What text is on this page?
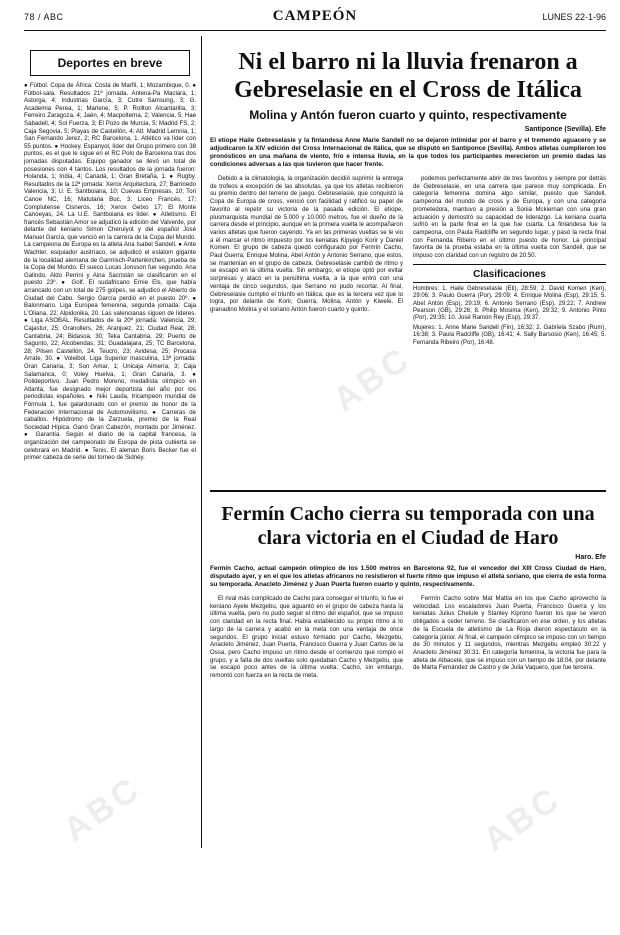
78 / ABC	CAMPEÓN	LUNES 22-1-96
Deportes en breve

● Fútbol. Copa de África: Costa de Marfil, 1; Mozambique, 0. ● Fútbol-sala. Resultados 21ª jornada. Antena-Pa Maclara, 1; Astorga, 4; Industrias García, 3; Cutre Samsung, 3; G. Academia Perea, 1; Marlene, 5; P. Rollton Alcantarilla, 3; Ferreiro Zaragoza, 4; Jaén, 4; Macpolterna, 2; Valencia, 5; Hae Sabadell, 4; Sol Fuerza, 3; El Pozo de Murcia, 5; Madrid FS, 2; Caja Segovia, 5; Playas de Castellón, 4; Atl. Madrid Lemnia, 1; San Fernando Jerez, 2; RC Barcelona, 1. Atlético va líder con 55 puntos. ● Hockey. Espanyol, líder del Grupo primero con 38 puntos, es el que le sigue en el RC Polo de Barcelona tras dos jornadas disputadas. Equipo ganador se llevó un total de posesiones con 4 tantos. Los resultados de la jornada fueron: Holanda, 1; India, 4; Canadá, 1; Gran Bretaña, 1. ● Rugby. Resultados de la 12ª jornada: Xerox Arquitectura, 27; Barrinedo Valencia, 3; U. E. Santboiana, 10; Cuevas Empresas, 10; Tori Canoe NC, 16; Matutaria Buc, 3; Liceo Francés, 17; Complutense Cisneros, 16; Xerox Getxo 17; El Monte Canoeyas, 24. La U.E. Santboiana es líder. ● Atletismo. El francés Sebastián Amor se adjudicó la edición del Valverde, por delante del keniano Simon Cheruiyot y del español José Manuel García, que venció en la carrera de la Copa del Mundo. La campeona de Europa es la atleta Ana Isabel Sandell. ● Ante Wachter, esquiador austríaco, se adjudicó el eslalom gigante de la localidad alemana de Garmisch-Partenkirchen, prueba de la Copa del Mundo. El sueco Lucas Jonsson fue segundo. Ana Galindo, Aldo Perrini y Aina Sacristán se clasificaron en el puesto 23º. ● Golf. El sudafricano Ernie Els, que había arrancado con un total de 275 golpes, se adjudicó el Abierto de Ciudad del Cabo. Sergio García perdió en el puesto 20º. ● Balonmano. Liga Europea femenina, segunda jornada: Caja L'Oliana, 22; Alpidonika, 20. Las valencianas siguen de líderes. ● Liga ASOBAL. Resultados de la 20ª jornada: Valencia, 29; Cajastur, 25; Granollers, 26; Aranjuez, 21; Ciudad Real, 28; Cantabria, 24; Bidasoa, 30; Teka Cantabria, 29; Puerto de Sagunto, 22; Alcobendas, 31; Guadalajara, 25; TC Barcelona, 28; Pilsen Castellón, 24. Teucro, 23; Avidesa, 25; Procasa Arrate, 30. ● Voleibol. Liga Superior masculina, 13ª jornada: Gran Canaria, 3; Son Amar, 1; Unicaja Almería, 3; Caja Salamanca, 0; Voley Huelva, 1; Gran Canaria, 3. ● Polideportivo. Juan Pedro Moreno, medallista olímpico en Atlanta, fue designado mejor deportista del año por los periodistas españoles. ● Niki Lauda, tricampeón mundial de Fórmula 1, fue galardonado con el premio de honor de la Federación Internacional de Automovilismo. ● Carreras de caballos. Hipódromo de la Zarzuela, premio de la Real Sociedad Hípica. Ganó Gran Cabezón, montado por Jiménez. ● Garantía. Según el diario de la capital francesa, la organización del campeonato de Europa de pista cubierta se celebrará en Madrid. ● Tenis. El alemán Boris Becker fue el primer cabeza de serie del torneo de Sidney.

Ni el barro ni la lluvia frenaron a Gebreselasie en el Cross de Itálica
Molina y Antón fueron cuarto y quinto, respectivamente
Santiponce (Sevilla). Efe

El etíope Haile Gebreselasie y la finlandesa Anne Marie Sandell no se dejaron intimidar por el barro y el tremendo aguacero y se adjudicaron la XIV edición del Cross Internacional de Itálica, que se disputó en Santiponce (Sevilla). Ambos atletas cumplieron los pronósticos en una mañana de viento, frío e intensa lluvia, en la que todos los participantes merecieron un premio dadas las condiciones adversas a las que tuvieron que hacer frente.

Debido a la climatología, la organización decidió suprimir la entrega de trofeos a excepción de las absolutas, ya que los atletas recibieron su premio dentro del terreno de juego. Gebreselasie, que conquistó la Copa de Europa de cross, venció con facilidad y ratificó su papel de favorito al repetir su victoria de la pasada edición. El etíope, plusmarquista mundial de 5.000 y 10.000 metros, fue el dueño de la carrera desde el principio, aunque en la primera vuelta le acompañaron varios atletas que fueron cayendo. Ya en las primeras vueltas se le vio a él marcar el ritmo impuesto por los keniatas Kipyego Korir y Daniel Komen. El grupo de cabeza quedó configurado por Fermín Cacho, Paul Guerra, Enrique Molina, Abel Antón y Antonio Serrano, que estos, se mantenían en el grupo de cabeza. Gebreselasie cambió de ritmo y se escapó en la última vuelta. Sin embargo, el etíope optó por evitar sorpresas y atacó en la penúltima vuelta, a la que entró con una ventaja de cinco segundos, que Serrano no pudo recortar. Al final, Gebreselasie cumplió el triunfo en Itálica, que es la tercera vez que lo logra, por delante de Korir, Guerra, Molina, Antón y Kiwele. El granadino Molina y el soriano Antón fueron cuarto y quinto.

podemos perfectamente abrir de tres favoritos y siempre por detrás de Gebreselasie, en una carrera que parece muy complicada. En categoría femenina domina algo similar, puesto que Sandell, campeona del mundo de cross y de Europa, y con una categoría prometedora, mantuvo a presión a Sonia Mckiernan con una gran actuación y demostró su capacidad de liderazgo. La keniana cuarta sufrió en la parte final en la que fue cuarta. La finlandesa fue la campeona, con Paula Radcliffe en segundo lugar, y pasó la recta final con Fernanda Ribeiro en el último puesto de honor. La principal favorita de la prueba estaba en la última vuelta con Sandell, que se impuso con claridad con un registro de 20:50.

Clasificaciones

Hombres: 1. Haile Gebreselasie (Eti), 28:59; 2. David Komen (Ken), 29:06; 3. Paulo Guerra (Por), 29:09; 4. Enrique Molina (Esp), 29:15; 5. Abel Antón (Esp), 29:19; 6. Antonio Serrano (Esp), 29:22; 7. Andrew Pearson (GB), 29:26; 8. Philip Mosima (Ken), 29:32; 9. Antonio Pinto (Por), 29:35; 10. José Ramón Rey (Esp), 29:37.

Mujeres: 1. Anne Marie Sandell (Fin), 16:32; 2. Gabriela Szabo (Rum), 16:38; 3. Paula Radcliffe (GB), 16:41; 4. Sally Barsosio (Ken), 16:45; 5. Fernanda Ribeiro (Por), 16:48.

Fermín Cacho cierra su temporada con una clara victoria en el Ciudad de Haro
Haro. Efe

Fermín Cacho, actual campeón olímpico de los 1.500 metros en Barcelona 92, fue el vencedor del XIII Cross Ciudad de Haro, disputado ayer, y en el que los atletas africanos no resistieron el fuerte ritmo que impuso el atleta soriano, que cierra de esta forma su temporada. Anacleto Jiménez y Juan Puerta fueron cuarto y quinto, respectivamente.

El rival más complicado de Cacho para conseguir el triunfo, lo fue el keniano Ayele Mezgebu, que aguantó en el grupo de cabeza hasta la última vuelta, pero no pudo seguir el ritmo del español, que se impuso con claridad en la recta final. Había establecido su propio ritmo a lo largo de la carrera y acabó en la meta con una ventaja de once segundos. El grupo inicial estuvo formado por Cacho, Mezgebu, Anacleto Jiménez, Juan Puerta, Francisco Guerra y Juan Carlos de la Ossa, pero Cacho impuso un ritmo desde el comienzo que rompió el grupo, y a falta de dos vueltas solo quedaban Cacho y Mezgebu, que se escapó poco antes de la última vuelta. Cacho, sin embargo, remontó con fuerza en la recta de meta.

Fermín Cacho sobre Mat Mattia en los que Cacho aprovechó la velocidad. Los escaladores Juan Puerta, Francisco Guerra y los keniatas Julius Chelule y Stanley Kiprono fueron los que se vieron obligados a ceder terreno. Se clasificaron en ese orden, y los atletas de la Escuela de atletismo de La Rioja dieron espectáculo en la categoría júnior. Al final, el campeón olímpico se impuso con un tiempo de 30 minutos y 11 segundos, mientras Mezgebu empleó 30:22 y Anacleto Jiménez 30:31. En categoría femenina, la victoria fue para la atleta de Albacete, que se impuso con un tiempo de 18:04, por delante de Marta Fernández de Castro y de Julia Vaquero, que fue tercera.

ABC
ABC
ABC
